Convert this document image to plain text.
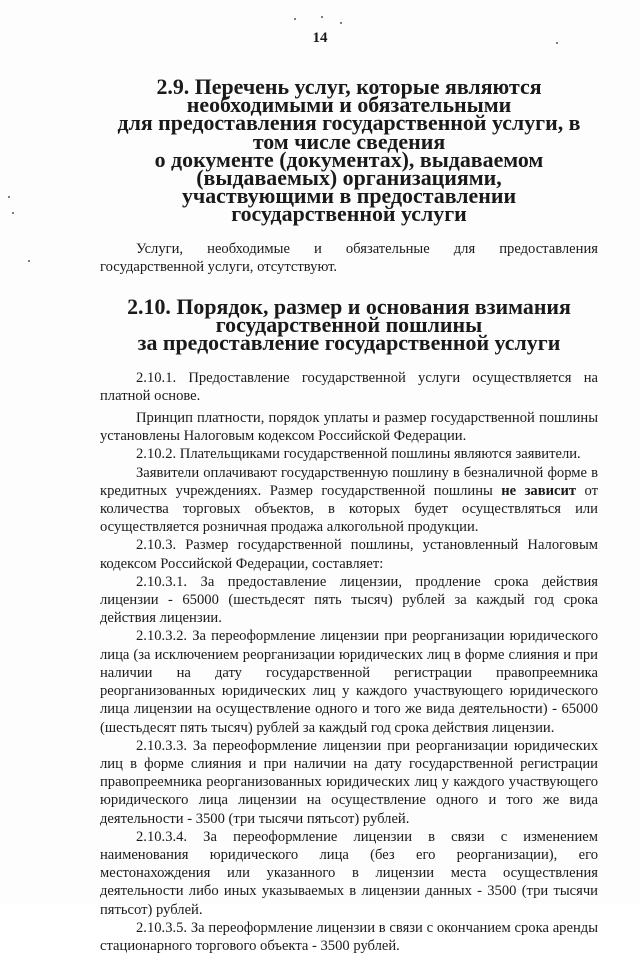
14
2.9. Перечень услуг, которые являются необходимыми и обязательными
для предоставления государственной услуги, в том числе сведения
о документе (документах), выдаваемом (выдаваемых) организациями,
участвующими в предоставлении государственной услуги

Услуги, необходимые и обязательные для предоставления государственной услуги, отсутствуют.

2.10. Порядок, размер и основания взимания государственной пошлины
за предоставление государственной услуги

2.10.1. Предоставление государственной услуги осуществляется на платной основе.

Принцип платности, порядок уплаты и размер государственной пошлины установлены Налоговым кодексом Российской Федерации.

2.10.2. Плательщиками государственной пошлины являются заявители.

Заявители оплачивают государственную пошлину в безналичной форме в кредитных учреждениях. Размер государственной пошлины не зависит от количества торговых объектов, в которых будет осуществляться или осуществляется розничная продажа алкогольной продукции.

2.10.3. Размер государственной пошлины, установленный Налоговым кодексом Российской Федерации, составляет:

2.10.3.1. За предоставление лицензии, продление срока действия лицензии - 65000 (шестьдесят пять тысяч) рублей за каждый год срока действия лицензии.

2.10.3.2. За переоформление лицензии при реорганизации юридического лица (за исключением реорганизации юридических лиц в форме слияния и при наличии на дату государственной регистрации правопреемника реорганизованных юридических лиц у каждого участвующего юридического лица лицензии на осуществление одного и того же вида деятельности) - 65000 (шестьдесят пять тысяч) рублей за каждый год срока действия лицензии.

2.10.3.3. За переоформление лицензии при реорганизации юридических лиц в форме слияния и при наличии на дату государственной регистрации правопреемника реорганизованных юридических лиц у каждого участвующего юридического лица лицензии на осуществление одного и того же вида деятельности - 3500 (три тысячи пятьсот) рублей.

2.10.3.4. За переоформление лицензии в связи с изменением наименования юридического лица (без его реорганизации), его местонахождения или указанного в лицензии места осуществления деятельности либо иных указываемых в лицензии данных - 3500 (три тысячи пятьсот) рублей.

2.10.3.5. За переоформление лицензии в связи с окончанием срока аренды стационарного торгового объекта - 3500 рублей.
